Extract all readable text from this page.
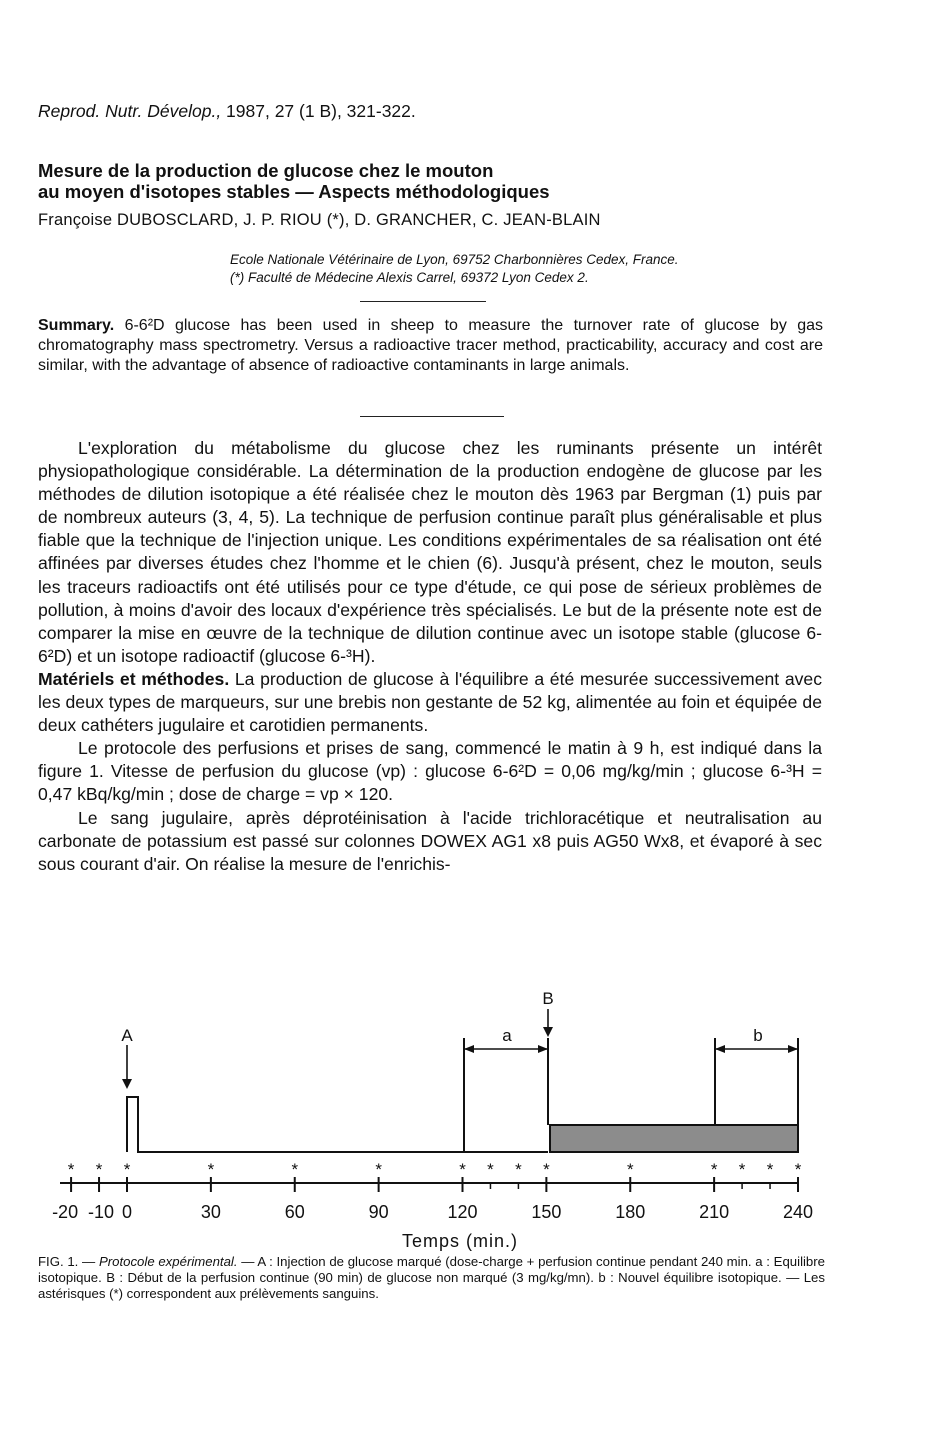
Reprod. Nutr. Dévelop., 1987, 27 (1 B), 321-322.
Mesure de la production de glucose chez le mouton
au moyen d'isotopes stables — Aspects méthodologiques
Françoise DUBOSCLARD, J. P. RIOU (*), D. GRANCHER, C. JEAN-BLAIN
Ecole Nationale Vétérinaire de Lyon, 69752 Charbonnières Cedex, France.
(*) Faculté de Médecine Alexis Carrel, 69372 Lyon Cedex 2.
Summary. 6-6²D glucose has been used in sheep to measure the turnover rate of glucose by gas chromatography mass spectrometry. Versus a radioactive tracer method, practicability, accuracy and cost are similar, with the advantage of absence of radioactive contaminants in large animals.

L'exploration du métabolisme du glucose chez les ruminants présente un intérêt physiopathologique considérable. La détermination de la production endogène de glucose par les méthodes de dilution isotopique a été réalisée chez le mouton dès 1963 par Bergman (1) puis par de nombreux auteurs (3, 4, 5). La technique de perfusion continue paraît plus généralisable et plus fiable que la technique de l'injection unique. Les conditions expérimentales de sa réalisation ont été affinées par diverses études chez l'homme et le chien (6). Jusqu'à présent, chez le mouton, seuls les traceurs radioactifs ont été utilisés pour ce type d'étude, ce qui pose de sérieux problèmes de pollution, à moins d'avoir des locaux d'expérience très spécialisés. Le but de la présente note est de comparer la mise en œuvre de la technique de dilution continue avec un isotope stable (glucose 6-6²D) et un isotope radioactif (glucose 6-³H).

Matériels et méthodes. La production de glucose à l'équilibre a été mesurée successivement avec les deux types de marqueurs, sur une brebis non gestante de 52 kg, alimentée au foin et équipée de deux cathéters jugulaire et carotidien permanents.

Le protocole des perfusions et prises de sang, commencé le matin à 9 h, est indiqué dans la figure 1. Vitesse de perfusion du glucose (vp) : glucose 6-6²D = 0,06 mg/kg/min ; glucose 6-³H = 0,47 kBq/kg/min ; dose de charge = vp × 120.

Le sang jugulaire, après déprotéinisation à l'acide trichloracétique et neutralisation au carbonate de potassium est passé sur colonnes DOWEX AG1 x8 puis AG50 Wx8, et évaporé à sec sous courant d'air. On réalise la mesure de l'enrichis-

A
B
a	b
Temps (min.)
-20 -10 0	30	60	90	120	150	180	210	240
* * *	*	*	*	* * * *	*	* * * *
FIG. 1. — Protocole expérimental. — A : Injection de glucose marqué (dose-charge + perfusion continue pendant 240 min. a : Equilibre isotopique. B : Début de la perfusion continue (90 min) de glucose non marqué (3 mg/kg/mn). b : Nouvel équilibre isotopique. — Les astérisques (*) correspondent aux prélèvements sanguins.
